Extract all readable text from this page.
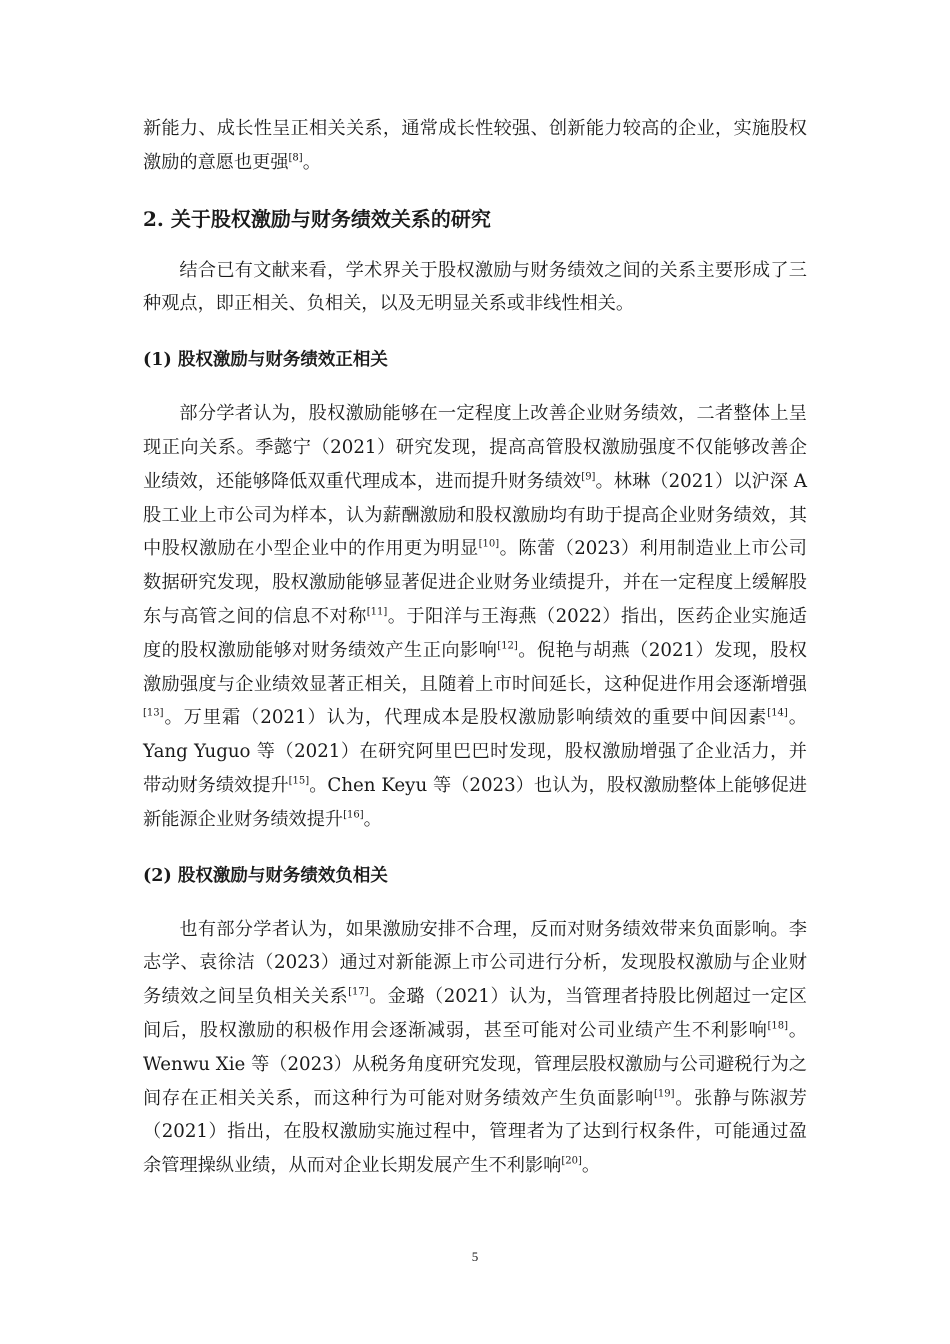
新能力、成长性呈正相关关系，通常成长性较强、创新能力较高的企业，实施股权激励的意愿也更强[8]。

2. 关于股权激励与财务绩效关系的研究

结合已有文献来看，学术界关于股权激励与财务绩效之间的关系主要形成了三种观点，即正相关、负相关，以及无明显关系或非线性相关。

(1) 股权激励与财务绩效正相关

部分学者认为，股权激励能够在一定程度上改善企业财务绩效，二者整体上呈现正向关系。季懿宁（2021）研究发现，提高高管股权激励强度不仅能够改善企业绩效，还能够降低双重代理成本，进而提升财务绩效[9]。林琳（2021）以沪深 A 股工业上市公司为样本，认为薪酬激励和股权激励均有助于提高企业财务绩效，其中股权激励在小型企业中的作用更为明显[10]。陈蕾（2023）利用制造业上市公司数据研究发现，股权激励能够显著促进企业财务业绩提升，并在一定程度上缓解股东与高管之间的信息不对称[11]。于阳洋与王海燕（2022）指出，医药企业实施适度的股权激励能够对财务绩效产生正向影响[12]。倪艳与胡燕（2021）发现，股权激励强度与企业绩效显著正相关，且随着上市时间延长，这种促进作用会逐渐增强[13]。万里霜（2021）认为，代理成本是股权激励影响绩效的重要中间因素[14]。Yang Yuguo 等（2021）在研究阿里巴巴时发现，股权激励增强了企业活力，并带动财务绩效提升[15]。Chen Keyu 等（2023）也认为，股权激励整体上能够促进新能源企业财务绩效提升[16]。

(2) 股权激励与财务绩效负相关

也有部分学者认为，如果激励安排不合理，反而对财务绩效带来负面影响。李志学、袁徐洁（2023）通过对新能源上市公司进行分析，发现股权激励与企业财务绩效之间呈负相关关系[17]。金璐（2021）认为，当管理者持股比例超过一定区间后，股权激励的积极作用会逐渐减弱，甚至可能对公司业绩产生不利影响[18]。Wenwu Xie 等（2023）从税务角度研究发现，管理层股权激励与公司避税行为之间存在正相关关系，而这种行为可能对财务绩效产生负面影响[19]。张静与陈淑芳（2021）指出，在股权激励实施过程中，管理者为了达到行权条件，可能通过盈余管理操纵业绩，从而对企业长期发展产生不利影响[20]。

5
